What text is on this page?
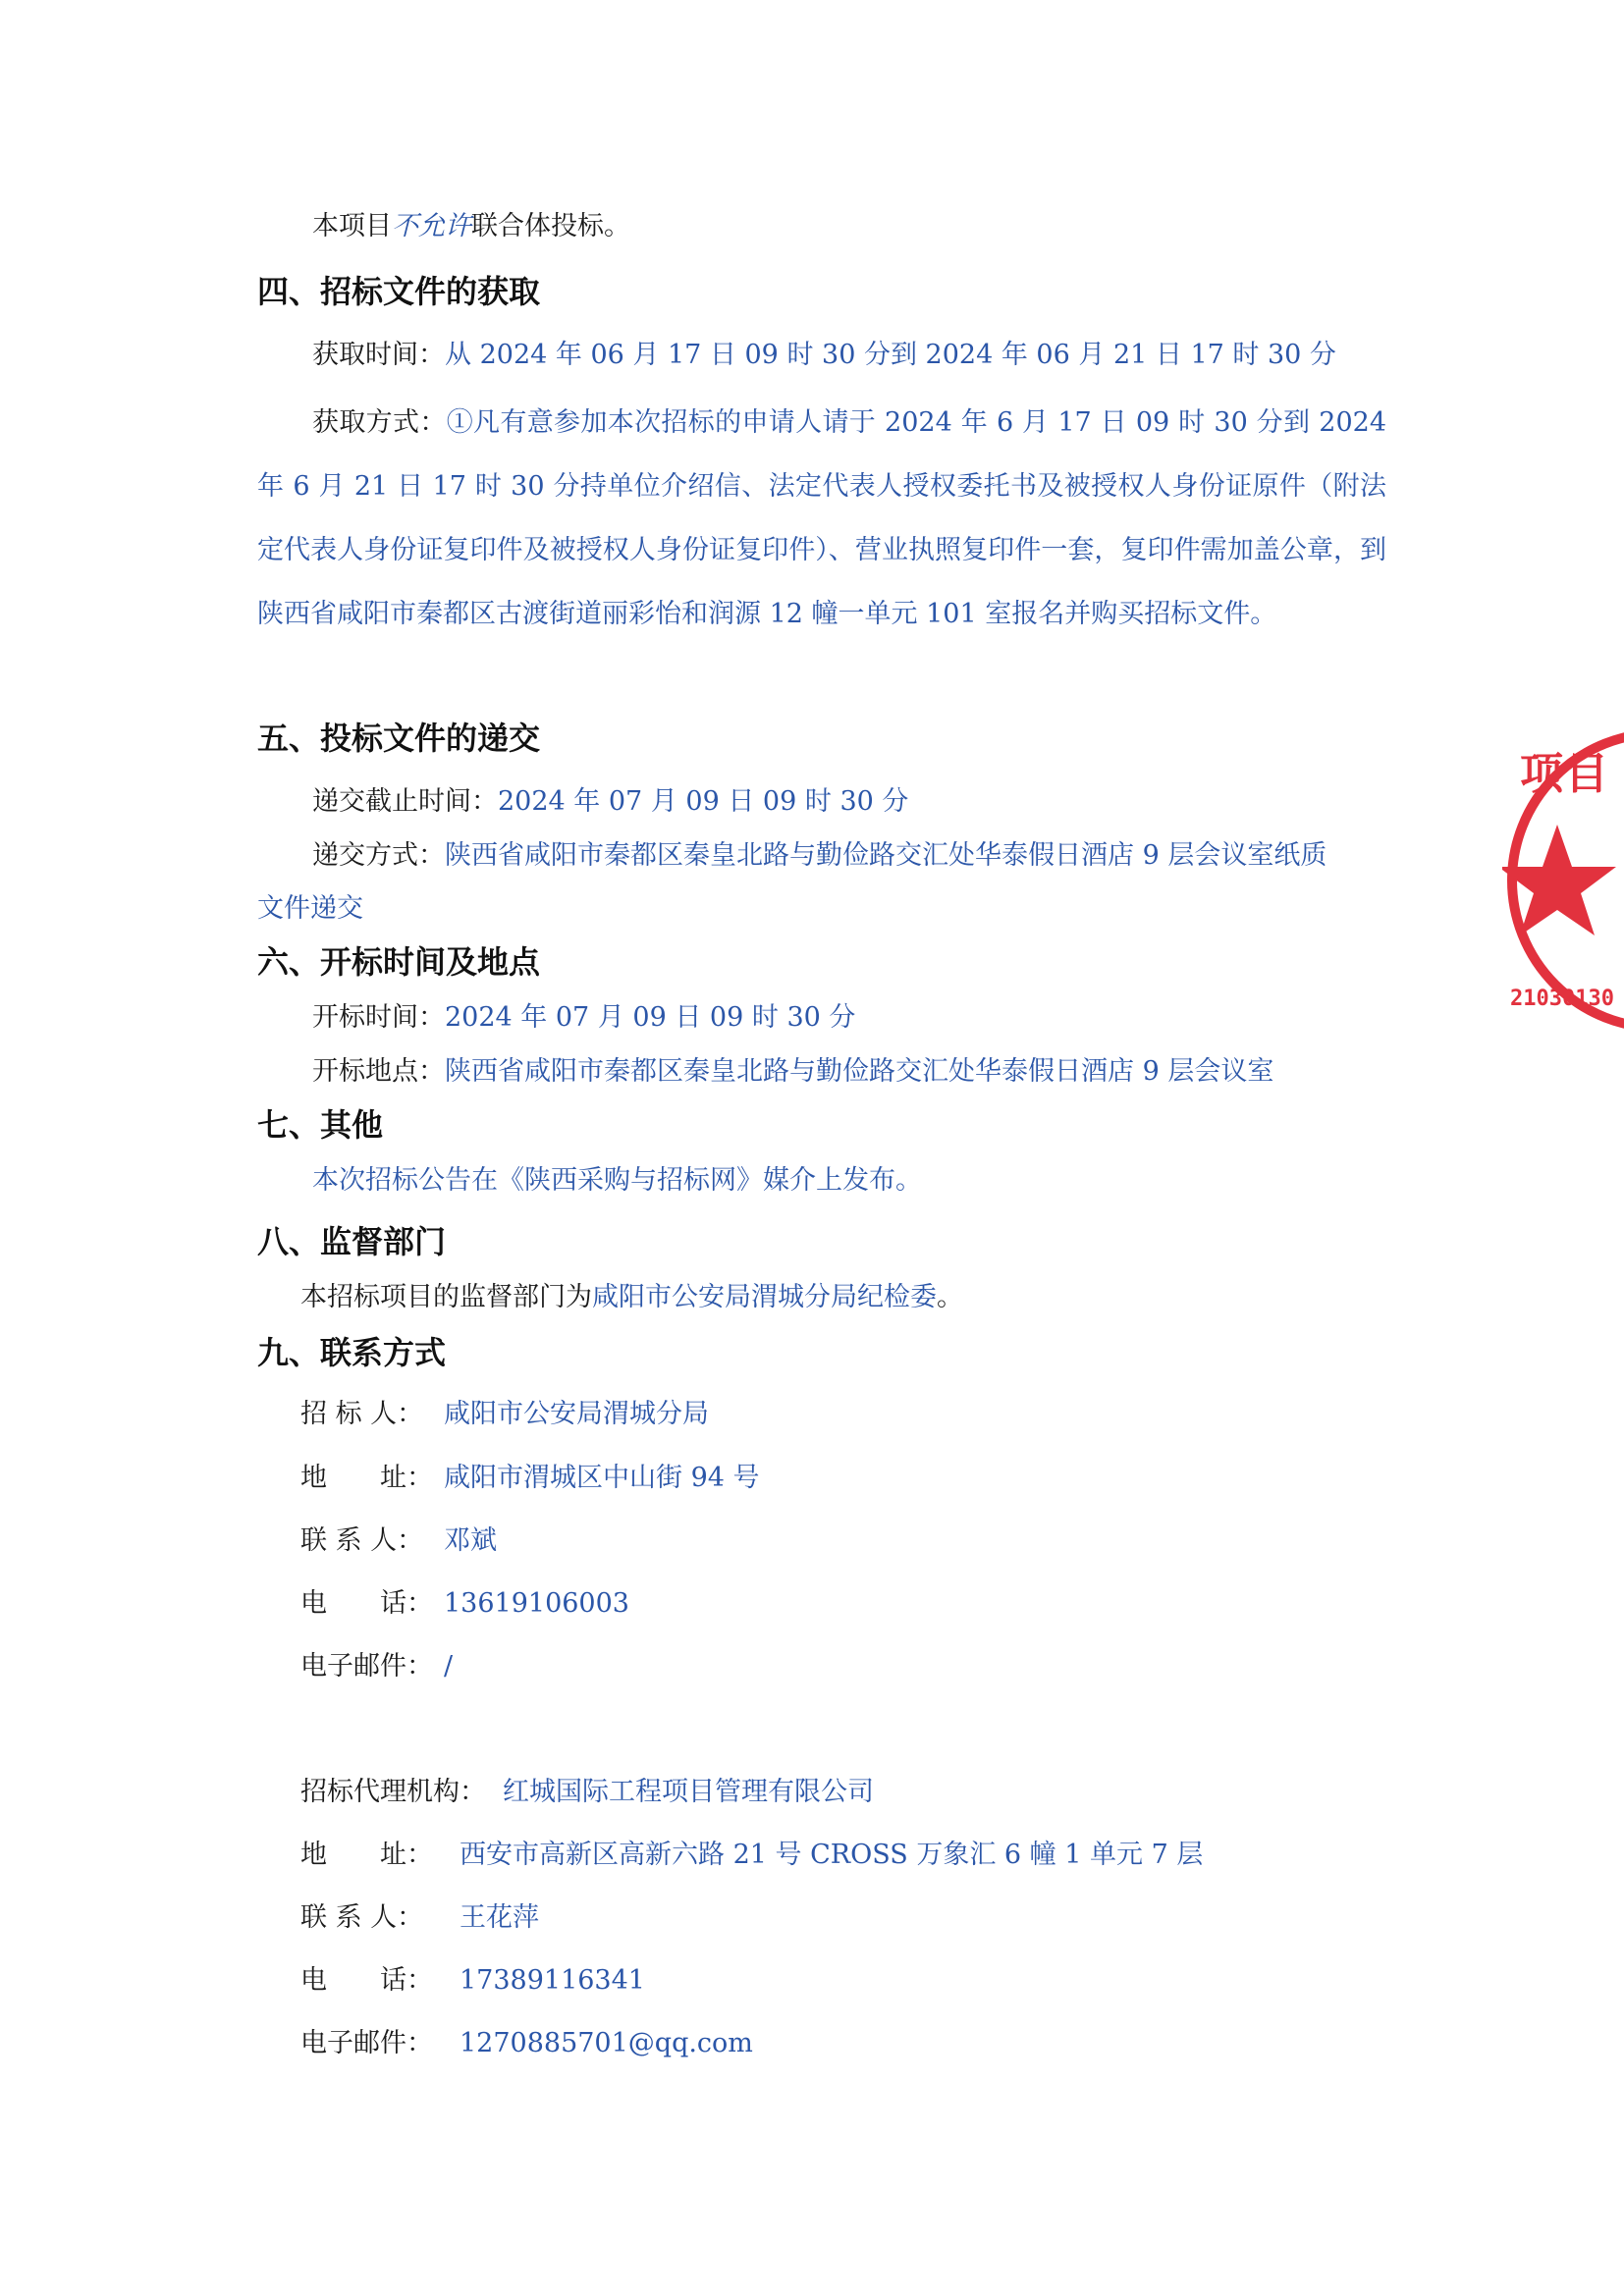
本项目不允许联合体投标。
四、招标文件的获取
获取时间：从 2024 年 06 月 17 日 09 时 30 分到 2024 年 06 月 21 日 17 时 30 分
获取方式：①凡有意参加本次招标的申请人请于 2024 年 6 月 17 日 09 时 30 分到 2024 年 6 月 21 日 17 时 30 分持单位介绍信、法定代表人授权委托书及被授权人身份证原件（附法定代表人身份证复印件及被授权人身份证复印件）、营业执照复印件一套，复印件需加盖公章，到陕西省咸阳市秦都区古渡街道丽彩怡和润源 12 幢一单元 101 室报名并购买招标文件。
五、投标文件的递交
递交截止时间：2024 年 07 月 09 日 09 时 30 分
递交方式：陕西省咸阳市秦都区秦皇北路与勤俭路交汇处华泰假日酒店 9 层会议室纸质
文件递交
六、开标时间及地点
开标时间：2024 年 07 月 09 日 09 时 30 分
开标地点：陕西省咸阳市秦都区秦皇北路与勤俭路交汇处华泰假日酒店 9 层会议室
七、其他
本次招标公告在《陕西采购与招标网》媒介上发布。
八、监督部门
本招标项目的监督部门为咸阳市公安局渭城分局纪检委。
九、联系方式
招 标 人： 咸阳市公安局渭城分局
地　　址： 咸阳市渭城区中山街 94 号
联 系 人： 邓斌
电　　话： 13619106003
电子邮件： /
招标代理机构： 红城国际工程项目管理有限公司
地　　址： 西安市高新区高新六路 21 号 CROSS 万象汇 6 幢 1 单元 7 层
联 系 人： 王花萍
电　　话： 17389116341
电子邮件： 1270885701@qq.com
项目
21030130
